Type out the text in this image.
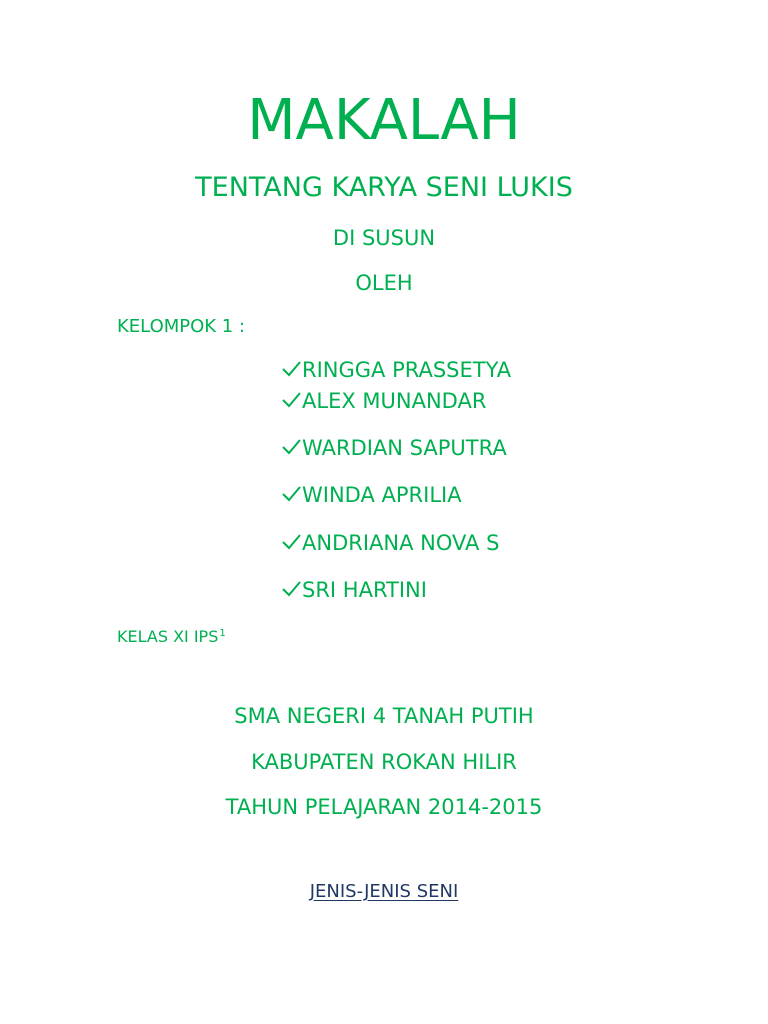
MAKALAH
TENTANG KARYA SENI LUKIS
DI SUSUN
OLEH
KELOMPOK 1 :
RINGGA PRASSETYA
ALEX MUNANDAR
WARDIAN SAPUTRA
WINDA APRILIA
ANDRIANA NOVA S
SRI HARTINI
KELAS XI IPS$^1$
SMA NEGERI 4 TANAH PUTIH
KABUPATEN ROKAN HILIR
TAHUN PELAJARAN 2014-2015
JENIS-JENIS SENI
